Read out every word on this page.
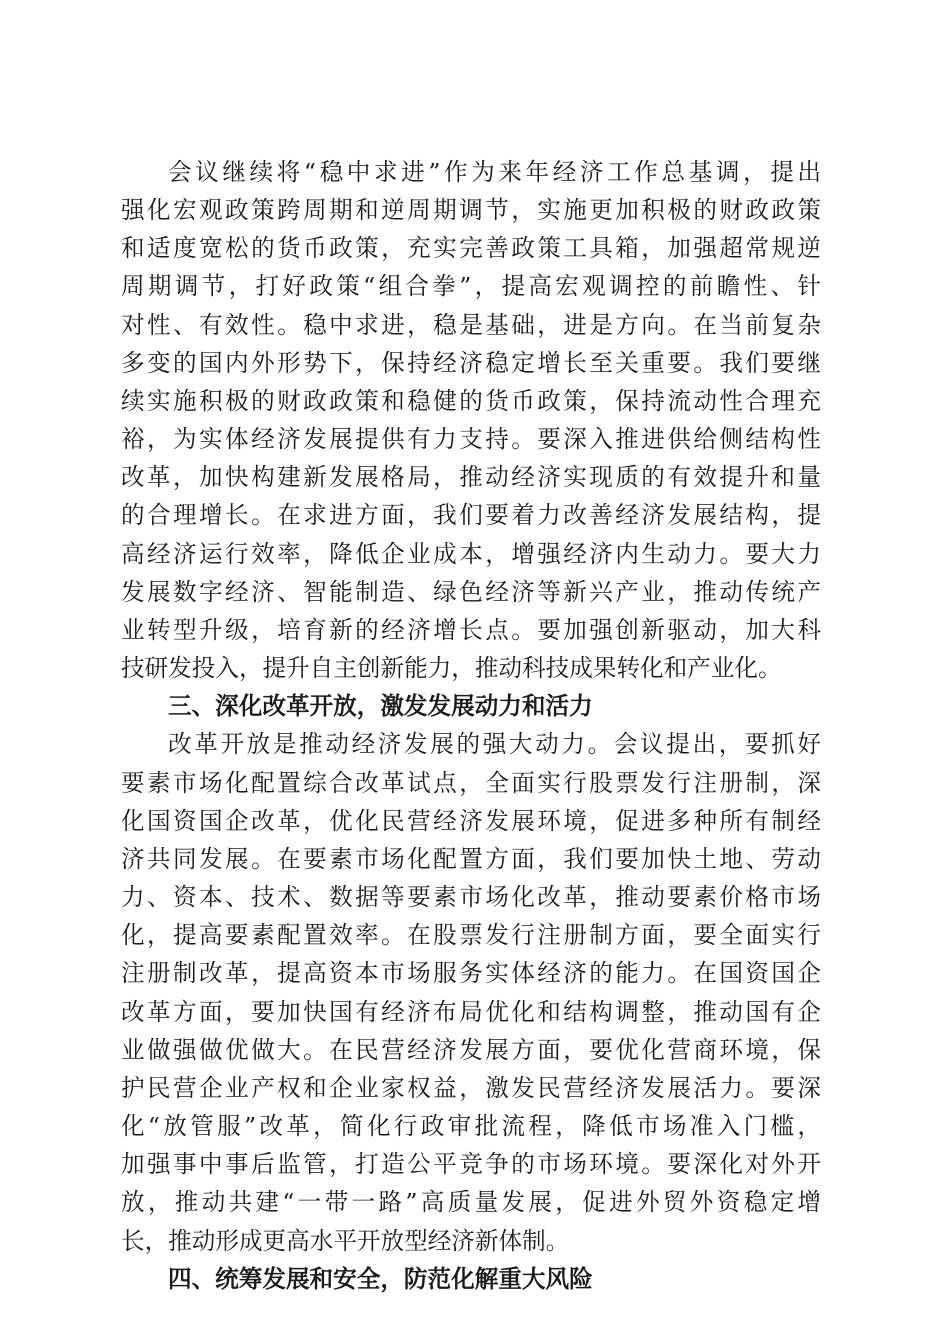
会议继续将“稳中求进”作为来年经济工作总基调，提出
强化宏观政策跨周期和逆周期调节，实施更加积极的财政政策
和适度宽松的货币政策，充实完善政策工具箱，加强超常规逆
周期调节，打好政策“组合拳”，提高宏观调控的前瞻性、针
对性、有效性。稳中求进，稳是基础，进是方向。在当前复杂
多变的国内外形势下，保持经济稳定增长至关重要。我们要继
续实施积极的财政政策和稳健的货币政策，保持流动性合理充
裕，为实体经济发展提供有力支持。要深入推进供给侧结构性
改革，加快构建新发展格局，推动经济实现质的有效提升和量
的合理增长。在求进方面，我们要着力改善经济发展结构，提
高经济运行效率，降低企业成本，增强经济内生动力。要大力
发展数字经济、智能制造、绿色经济等新兴产业，推动传统产
业转型升级，培育新的经济增长点。要加强创新驱动，加大科
技研发投入，提升自主创新能力，推动科技成果转化和产业化。
三、深化改革开放，激发发展动力和活力
改革开放是推动经济发展的强大动力。会议提出，要抓好
要素市场化配置综合改革试点，全面实行股票发行注册制，深
化国资国企改革，优化民营经济发展环境，促进多种所有制经
济共同发展。在要素市场化配置方面，我们要加快土地、劳动
力、资本、技术、数据等要素市场化改革，推动要素价格市场
化，提高要素配置效率。在股票发行注册制方面，要全面实行
注册制改革，提高资本市场服务实体经济的能力。在国资国企
改革方面，要加快国有经济布局优化和结构调整，推动国有企
业做强做优做大。在民营经济发展方面，要优化营商环境，保
护民营企业产权和企业家权益，激发民营经济发展活力。要深
化“放管服”改革，简化行政审批流程，降低市场准入门槛，
加强事中事后监管，打造公平竞争的市场环境。要深化对外开
放，推动共建“一带一路”高质量发展，促进外贸外资稳定增
长，推动形成更高水平开放型经济新体制。
四、统筹发展和安全，防范化解重大风险
